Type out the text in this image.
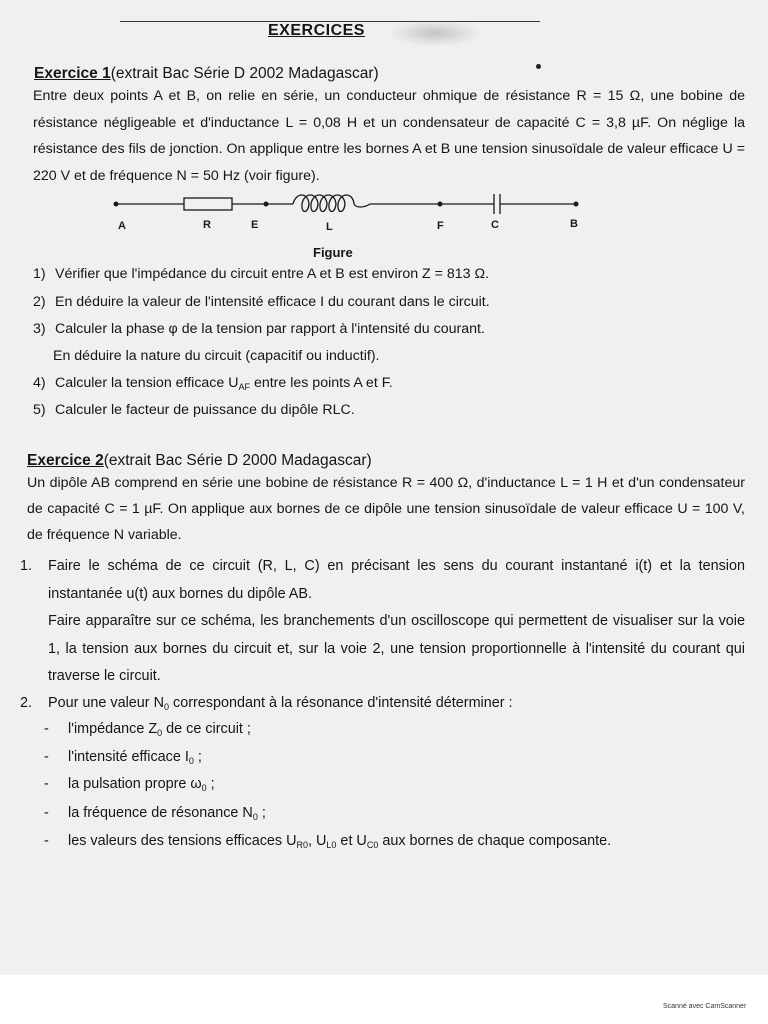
EXERCICES
Exercice 1(extrait Bac Série D 2002 Madagascar)
Entre deux points A et B, on relie en série, un conducteur ohmique de résistance R = 15 Ω, une bobine de résistance négligeable et d'inductance L = 0,08 H et un condensateur de capacité C = 3,8 µF. On néglige la résistance des fils de jonction. On applique entre les bornes A et B une tension sinusoïdale de valeur efficace U = 220 V et de fréquence N = 50 Hz (voir figure).
A	R	E	L	F	C	B
Figure
1) Vérifier que l'impédance du circuit entre A et B est environ Z = 813 Ω.
2) En déduire la valeur de l'intensité efficace I du courant dans le circuit.
3) Calculer la phase φ de la tension par rapport à l'intensité du courant.
En déduire la nature du circuit (capacitif ou inductif).
4) Calculer la tension efficace $U_{AF}$ entre les points A et F.
5) Calculer le facteur de puissance du dipôle RLC.
Exercice 2(extrait Bac Série D 2000 Madagascar)
Un dipôle AB comprend en série une bobine de résistance R = 400 Ω, d'inductance L = 1 H et d'un condensateur de capacité C = 1 µF. On applique aux bornes de ce dipôle une tension sinusoïdale de valeur efficace U = 100 V, de fréquence N variable.
1. Faire le schéma de ce circuit (R, L, C) en précisant les sens du courant instantané i(t) et la tension instantanée u(t) aux bornes du dipôle AB.
Faire apparaître sur ce schéma, les branchements d'un oscilloscope qui permettent de visualiser sur la voie 1, la tension aux bornes du circuit et, sur la voie 2, une tension proportionnelle à l'intensité du courant qui traverse le circuit.
2. Pour une valeur $N_0$ correspondant à la résonance d'intensité déterminer :
- l'impédance $Z_0$ de ce circuit ;
- l'intensité efficace $I_0$ ;
- la pulsation propre $\omega_0$ ;
- la fréquence de résonance $N_0$ ;
- les valeurs des tensions efficaces $U_{R0}$, $U_{L0}$ et $U_{C0}$ aux bornes de chaque composante.
Scanné avec CamScanner
